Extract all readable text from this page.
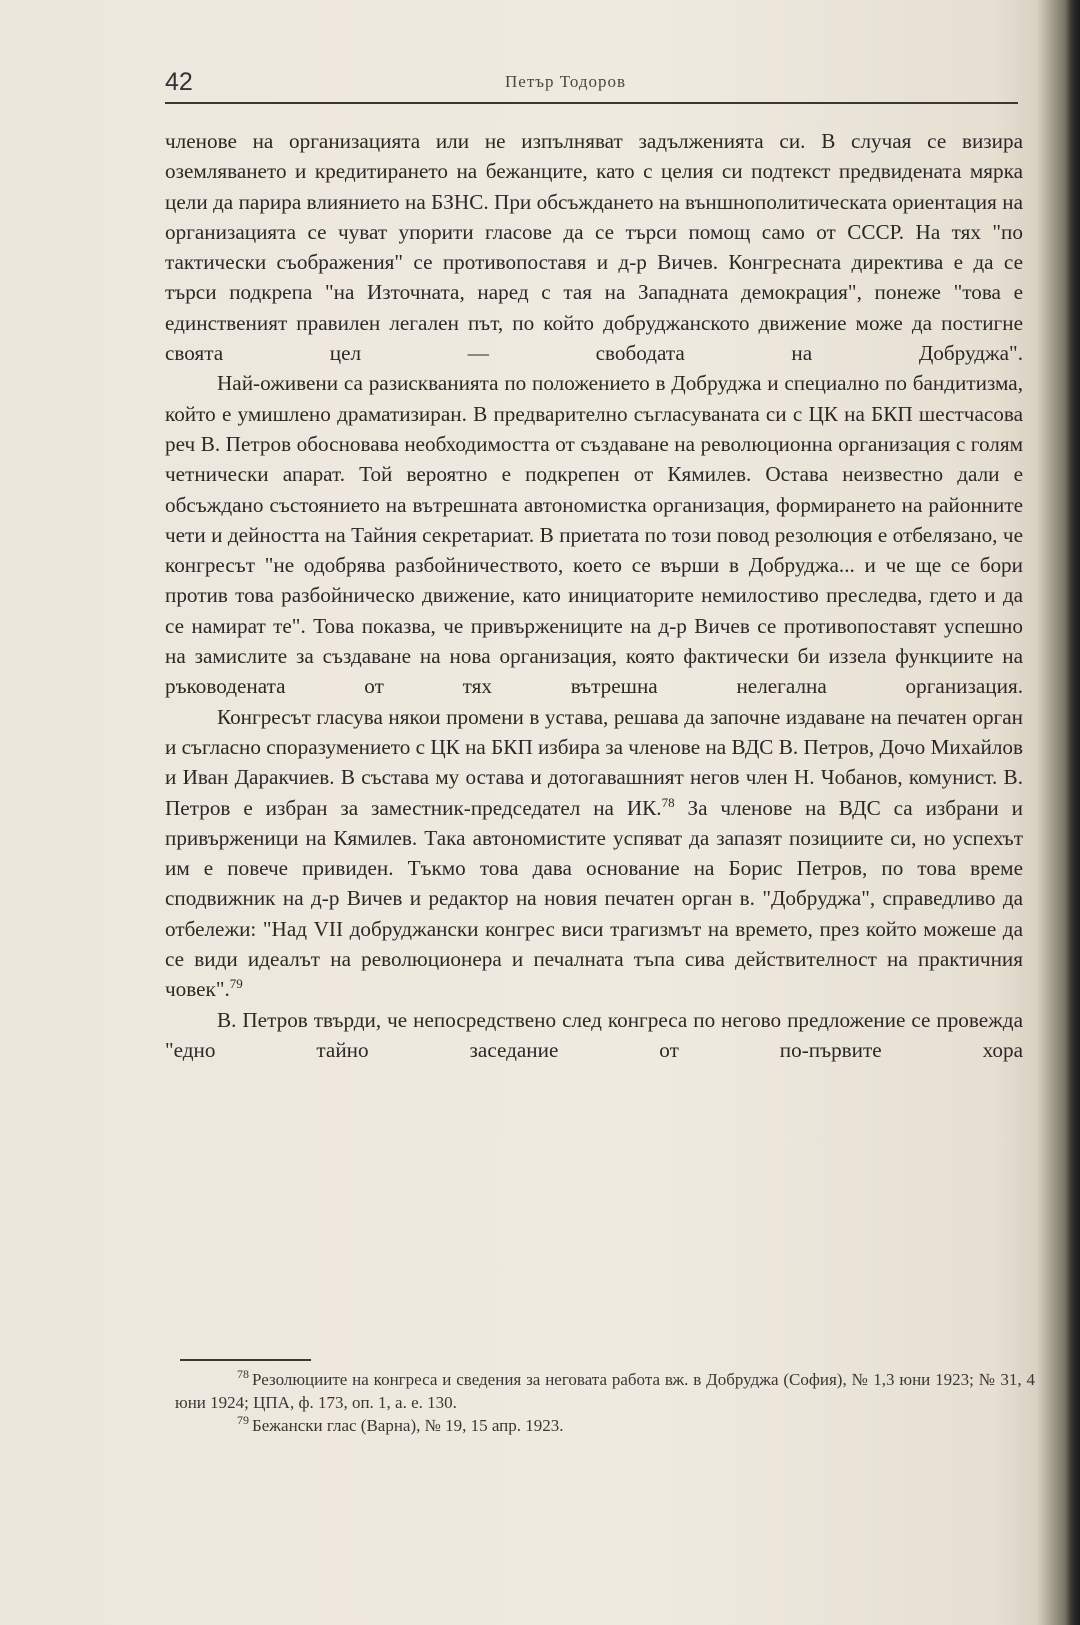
42	Петър Тодоров

членове на организацията или не изпълняват задълженията си. В случая се визира оземляването и кредитирането на бежанците, като с целия си подтекст предвидената мярка цели да парира влиянието на БЗНС. При обсъждането на външнополитическата ориентация на организацията се чуват упорити гласове да се търси помощ само от СССР. На тях "по тактически съображения" се противопоставя и д-р Вичев. Конгресната директива е да се търси подкрепа "на Източната, наред с тая на Западната демокрация", понеже "това е единственият правилен легален път, по който добруджанското движение може да постигне своята цел — свободата на Добруджа".

Най-оживени са разискванията по положението в Добруджа и специално по бандитизма, който е умишлено драматизиран. В предварително съгласуваната си с ЦК на БКП шестчасова реч В. Петров обосновава необходимостта от създаване на революционна организация с голям четнически апарат. Той вероятно е подкрепен от Кямилев. Остава неизвестно дали е обсъждано състоянието на вътрешната автономистка организация, формирането на районните чети и дейността на Тайния секретариат. В приетата по този повод резолюция е отбелязано, че конгресът "не одобрява разбойничеството, което се върши в Добруджа... и че ще се бори против това разбойническо движение, като инициаторите немилостиво преследва, гдето и да се намират те". Това показва, че привържениците на д-р Вичев се противопоставят успешно на замислите за създаване на нова организация, която фактически би иззела функциите на ръководената от тях вътрешна нелегална организация.

Конгресът гласува някои промени в устава, решава да започне издаване на печатен орган и съгласно споразумението с ЦК на БКП избира за членове на ВДС В. Петров, Дочо Михайлов и Иван Даракчиев. В състава му остава и дотогавашният негов член Н. Чобанов, комунист. В. Петров е избран за заместник-председател на ИК.$^{78}$ За членове на ВДС са избрани и привърженици на Кямилев. Така автономистите успяват да запазят позициите си, но успехът им е повече привиден. Тъкмо това дава основание на Борис Петров, по това време сподвижник на д-р Вичев и редактор на новия печатен орган в. "Добруджа", справедливо да отбележи: "Над VII добруджански конгрес виси трагизмът на времето, през който можеше да се види идеалът на революционера и печалната тъпа сива действителност на практичния човек".$^{79}$

В. Петров твърди, че непосредствено след конгреса по негово предложение се провежда "едно тайно заседание от по-първите хора

$^{78}$ Резолюциите на конгреса и сведения за неговата работа вж. в Добруджа (София), № 1,3 юни 1923; № 31, 4 юни 1924; ЦПА, ф. 173, оп. 1, а. е. 130.

$^{79}$ Бежански глас (Варна), № 19, 15 апр. 1923.
